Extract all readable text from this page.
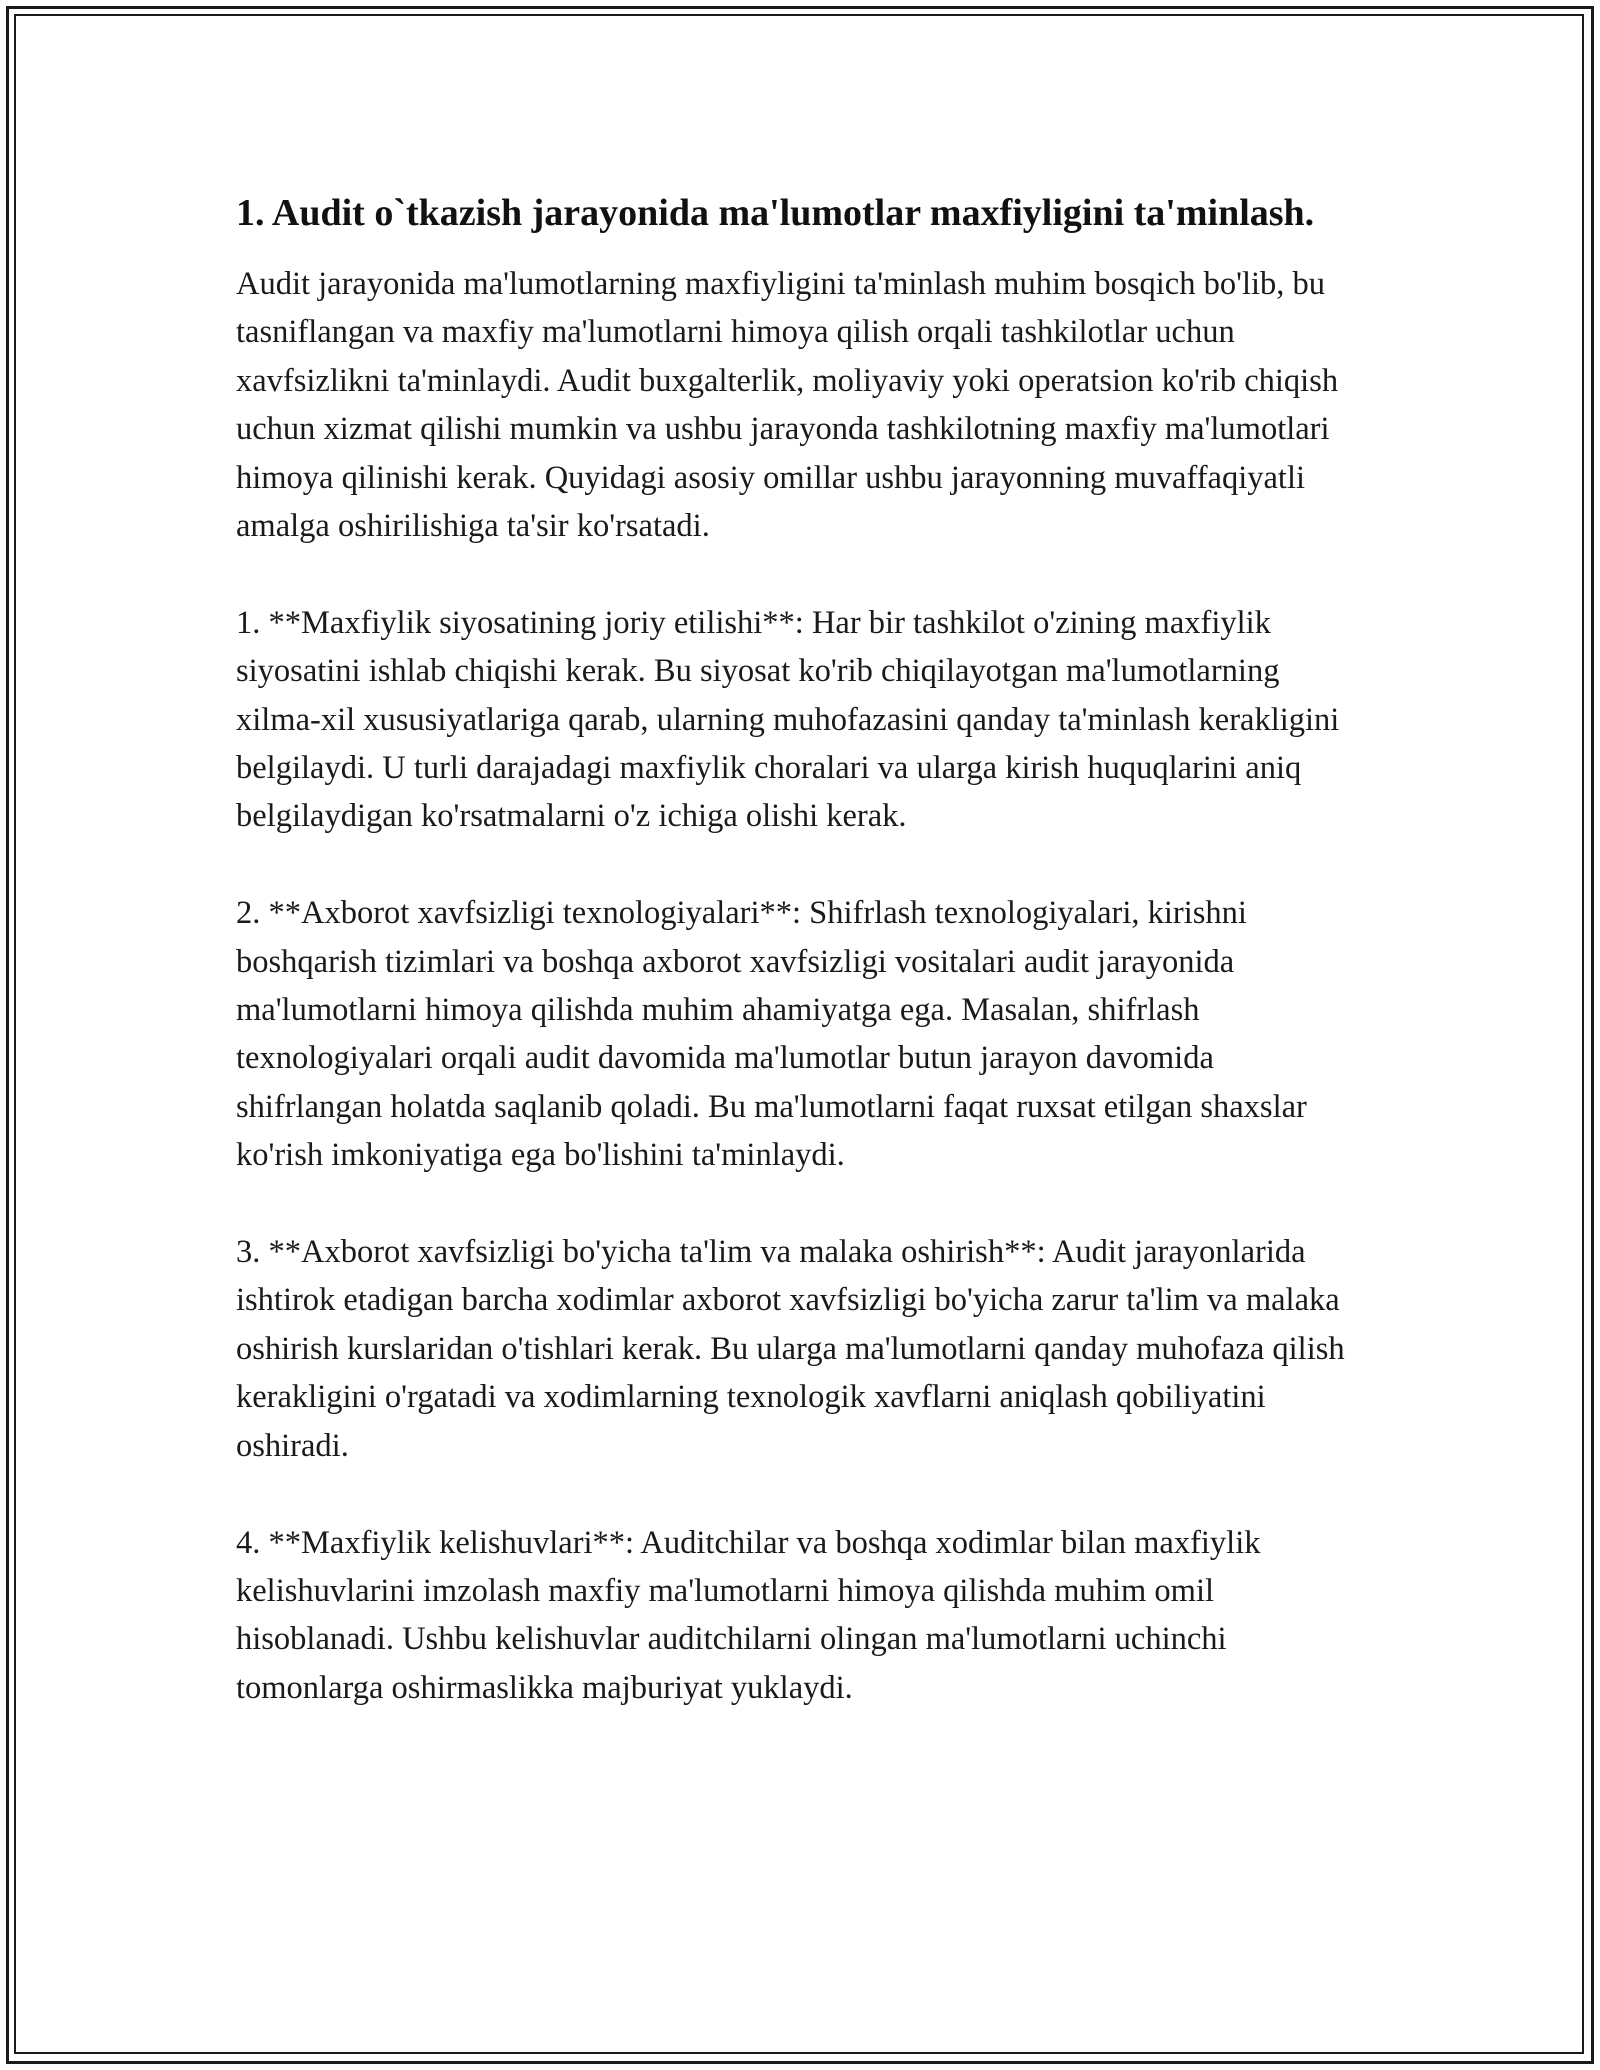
1. Audit o`tkazish jarayonida ma'lumotlar maxfiyligini ta'minlash.

Audit jarayonida ma'lumotlarning maxfiyligini ta'minlash muhim bosqich bo'lib, bu tasniflangan va maxfiy ma'lumotlarni himoya qilish orqali tashkilotlar uchun xavfsizlikni ta'minlaydi. Audit buxgalterlik, moliyaviy yoki operatsion ko'rib chiqish uchun xizmat qilishi mumkin va ushbu jarayonda tashkilotning maxfiy ma'lumotlari himoya qilinishi kerak. Quyidagi asosiy omillar ushbu jarayonning muvaffaqiyatli amalga oshirilishiga ta'sir ko'rsatadi.

1. **Maxfiylik siyosatining joriy etilishi**: Har bir tashkilot o'zining maxfiylik siyosatini ishlab chiqishi kerak. Bu siyosat ko'rib chiqilayotgan ma'lumotlarning xilma-xil xususiyatlariga qarab, ularning muhofazasini qanday ta'minlash kerakligini belgilaydi. U turli darajadagi maxfiylik choralari va ularga kirish huquqlarini aniq belgilaydigan ko'rsatmalarni o'z ichiga olishi kerak.

2. **Axborot xavfsizligi texnologiyalari**: Shifrlash texnologiyalari, kirishni boshqarish tizimlari va boshqa axborot xavfsizligi vositalari audit jarayonida ma'lumotlarni himoya qilishda muhim ahamiyatga ega. Masalan, shifrlash texnologiyalari orqali audit davomida ma'lumotlar butun jarayon davomida shifrlangan holatda saqlanib qoladi. Bu ma'lumotlarni faqat ruxsat etilgan shaxslar ko'rish imkoniyatiga ega bo'lishini ta'minlaydi.

3. **Axborot xavfsizligi bo'yicha ta'lim va malaka oshirish**: Audit jarayonlarida ishtirok etadigan barcha xodimlar axborot xavfsizligi bo'yicha zarur ta'lim va malaka oshirish kurslaridan o'tishlari kerak. Bu ularga ma'lumotlarni qanday muhofaza qilish kerakligini o'rgatadi va xodimlarning texnologik xavflarni aniqlash qobiliyatini oshiradi.

4. **Maxfiylik kelishuvlari**: Auditchilar va boshqa xodimlar bilan maxfiylik kelishuvlarini imzolash maxfiy ma'lumotlarni himoya qilishda muhim omil hisoblanadi. Ushbu kelishuvlar auditchilarni olingan ma'lumotlarni uchinchi tomonlarga oshirmaslikka majburiyat yuklaydi.
